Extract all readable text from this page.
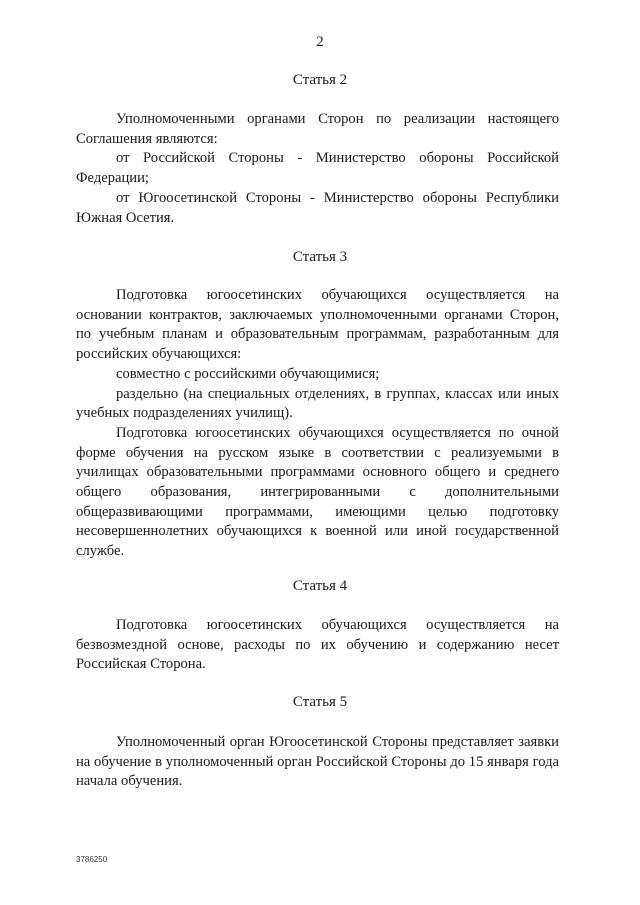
2
Статья 2

Уполномоченными органами Сторон по реализации настоящего Соглашения являются:

от Российской Стороны - Министерство обороны Российской Федерации;

от Югоосетинской Стороны - Министерство обороны Республики Южная Осетия.

Статья 3

Подготовка югоосетинских обучающихся осуществляется на основании контрактов, заключаемых уполномоченными органами Сторон, по учебным планам и образовательным программам, разработанным для российских обучающихся:

совместно с российскими обучающимися;

раздельно (на специальных отделениях, в группах, классах или иных учебных подразделениях училищ).

Подготовка югоосетинских обучающихся осуществляется по очной форме обучения на русском языке в соответствии с реализуемыми в училищах образовательными программами основного общего и среднего общего образования, интегрированными с дополнительными общеразвивающими программами, имеющими целью подготовку несовершеннолетних обучающихся к военной или иной государственной службе.

Статья 4

Подготовка югоосетинских обучающихся осуществляется на безвозмездной основе, расходы по их обучению и содержанию несет Российская Сторона.

Статья 5

Уполномоченный орган Югоосетинской Стороны представляет заявки на обучение в уполномоченный орган Российской Стороны до 15 января года начала обучения.

3786250
